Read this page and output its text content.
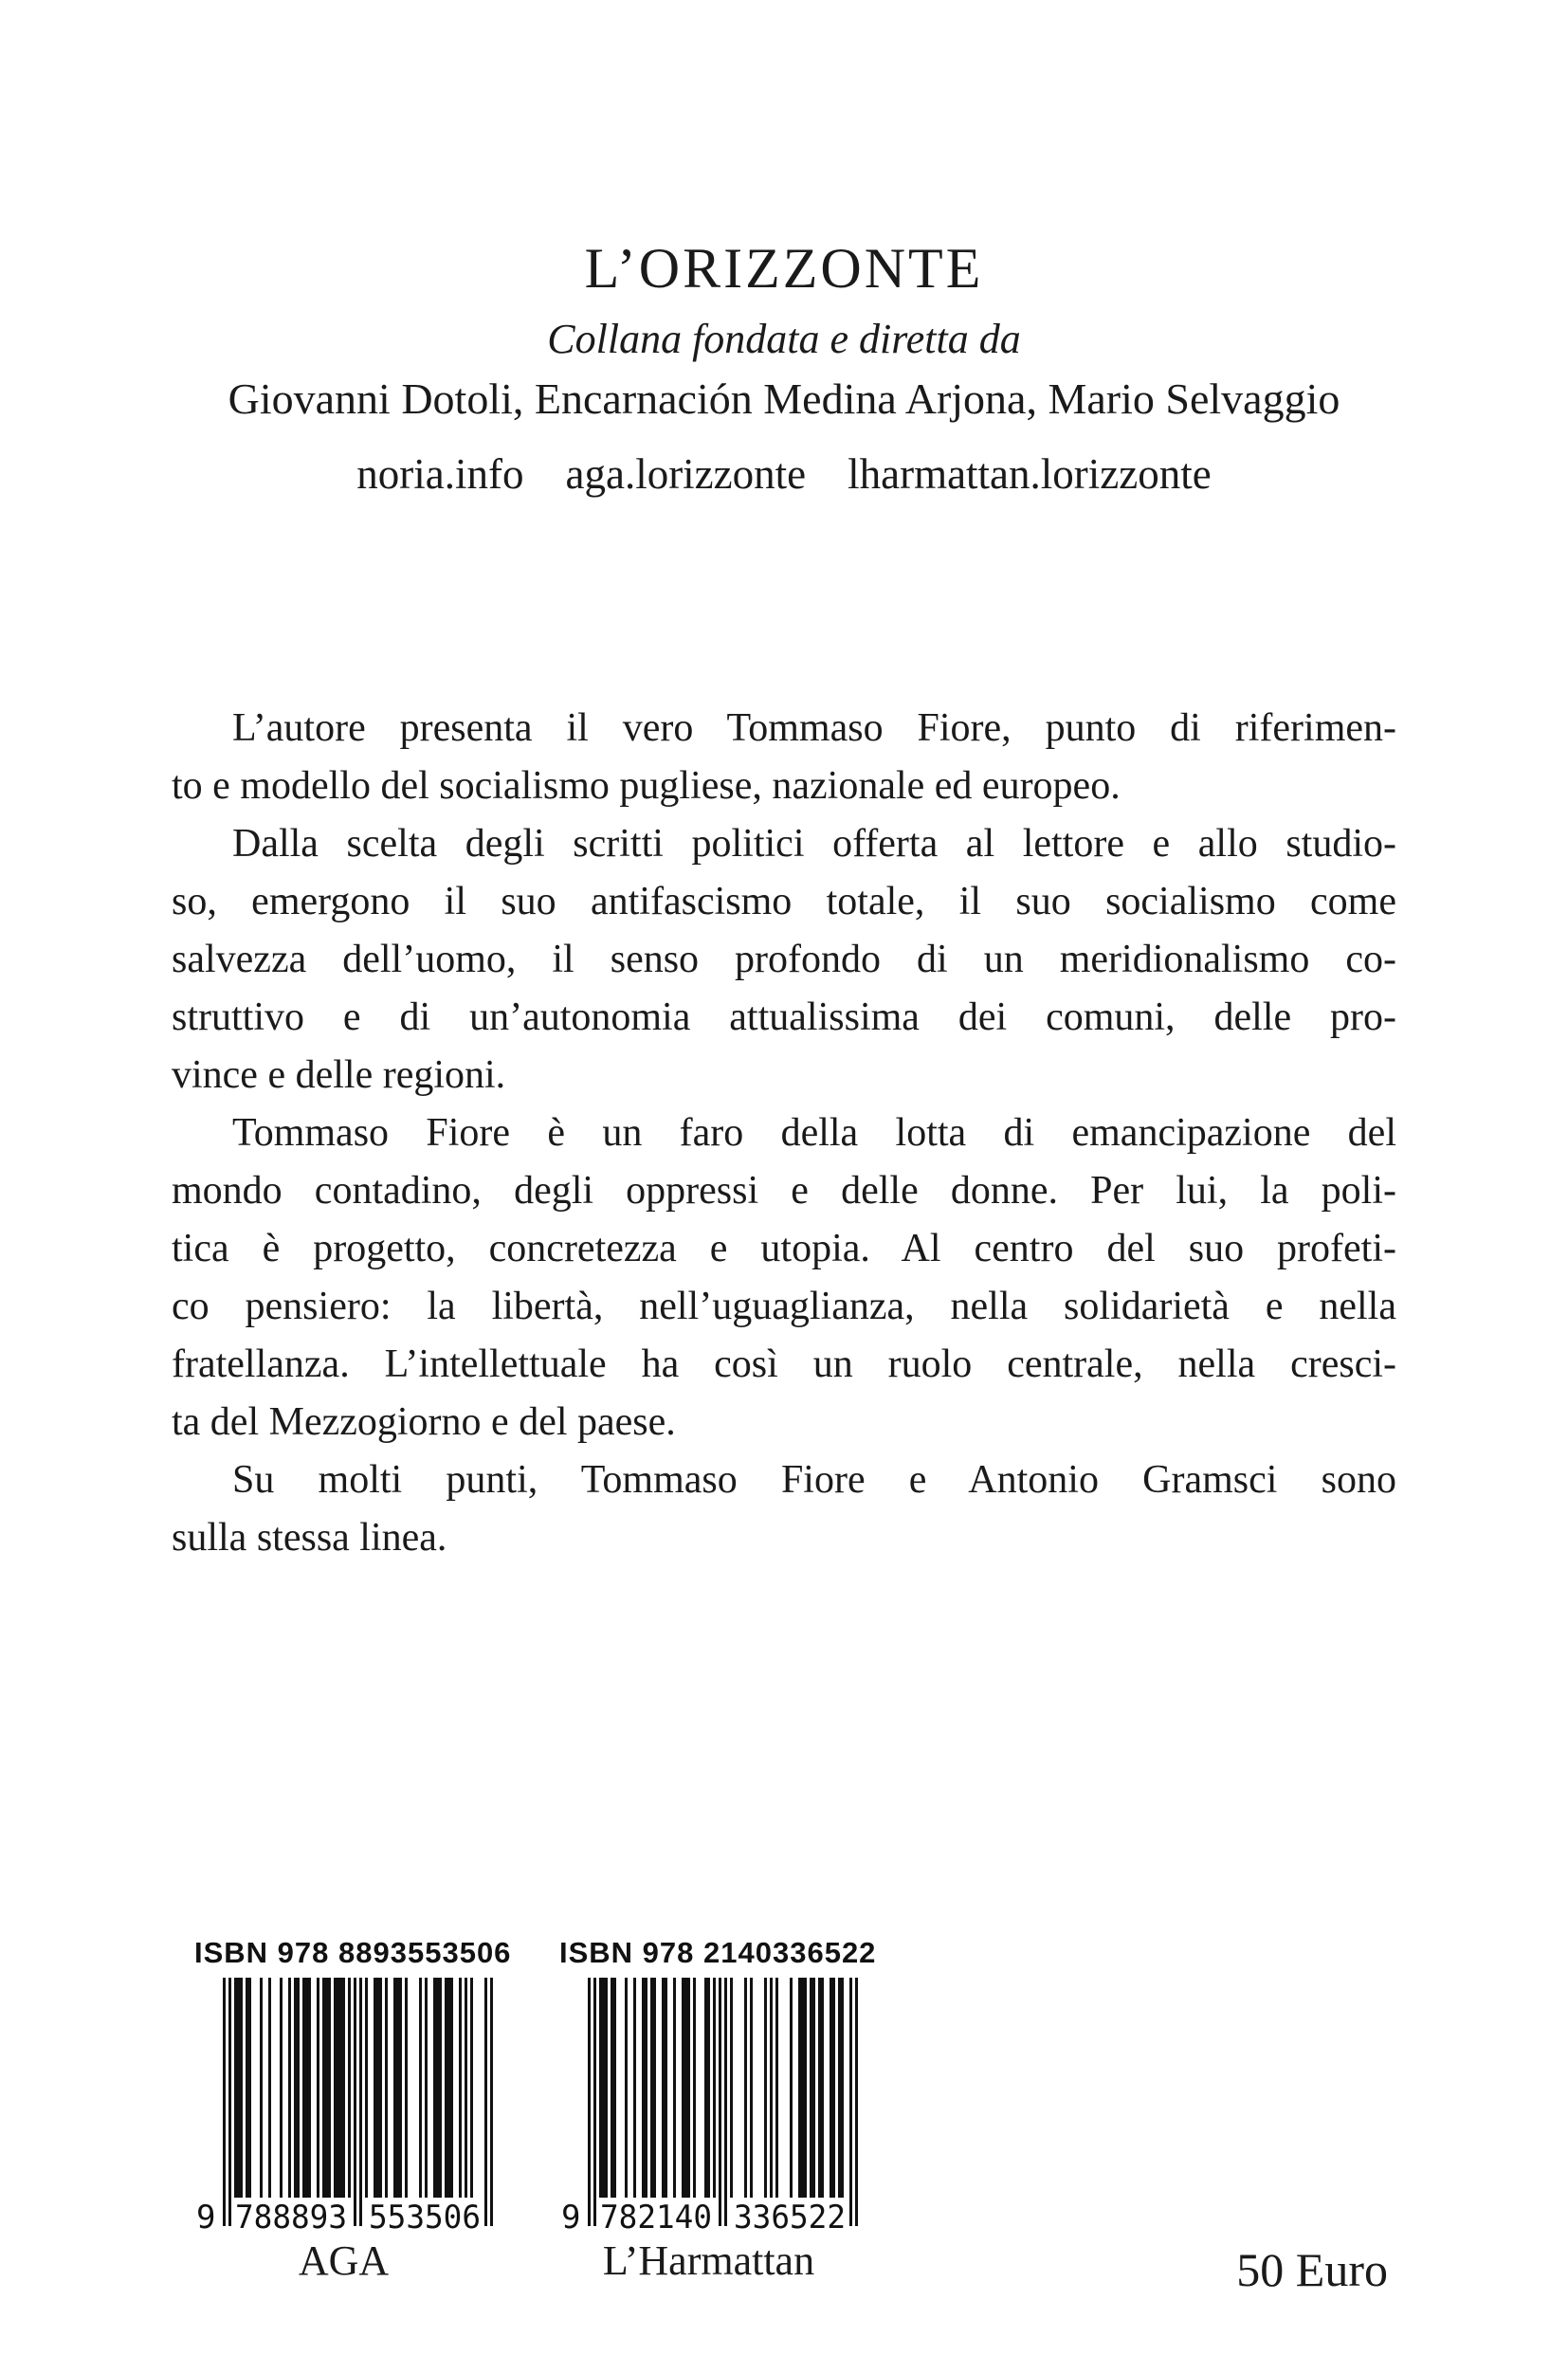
L’ORIZZONTE
Collana fondata e diretta da
Giovanni Dotoli, Encarnación Medina Arjona, Mario Selvaggio
noria.info aga.lorizzonte lharmattan.lorizzonte
L’autore presenta il vero Tommaso Fiore, punto di riferimen-
to e modello del socialismo pugliese, nazionale ed europeo.
Dalla scelta degli scritti politici offerta al lettore e allo studio-
so, emergono il suo antifascismo totale, il suo socialismo come
salvezza dell’uomo, il senso profondo di un meridionalismo co-
struttivo e di un’autonomia attualissima dei comuni, delle pro-
vince e delle regioni.
Tommaso Fiore è un faro della lotta di emancipazione del
mondo contadino, degli oppressi e delle donne. Per lui, la poli-
tica è progetto, concretezza e utopia. Al centro del suo profeti-
co pensiero: la libertà, nell’uguaglianza, nella solidarietà e nella
fratellanza. L’intellettuale ha così un ruolo centrale, nella cresci-
ta del Mezzogiorno e del paese.
Su molti punti, Tommaso Fiore e Antonio Gramsci sono
sulla stessa linea.
ISBN 978 8893553506
9 788893 553506
AGA
ISBN 978 2140336522
9 782140 336522
L’Harmattan	50 Euro
